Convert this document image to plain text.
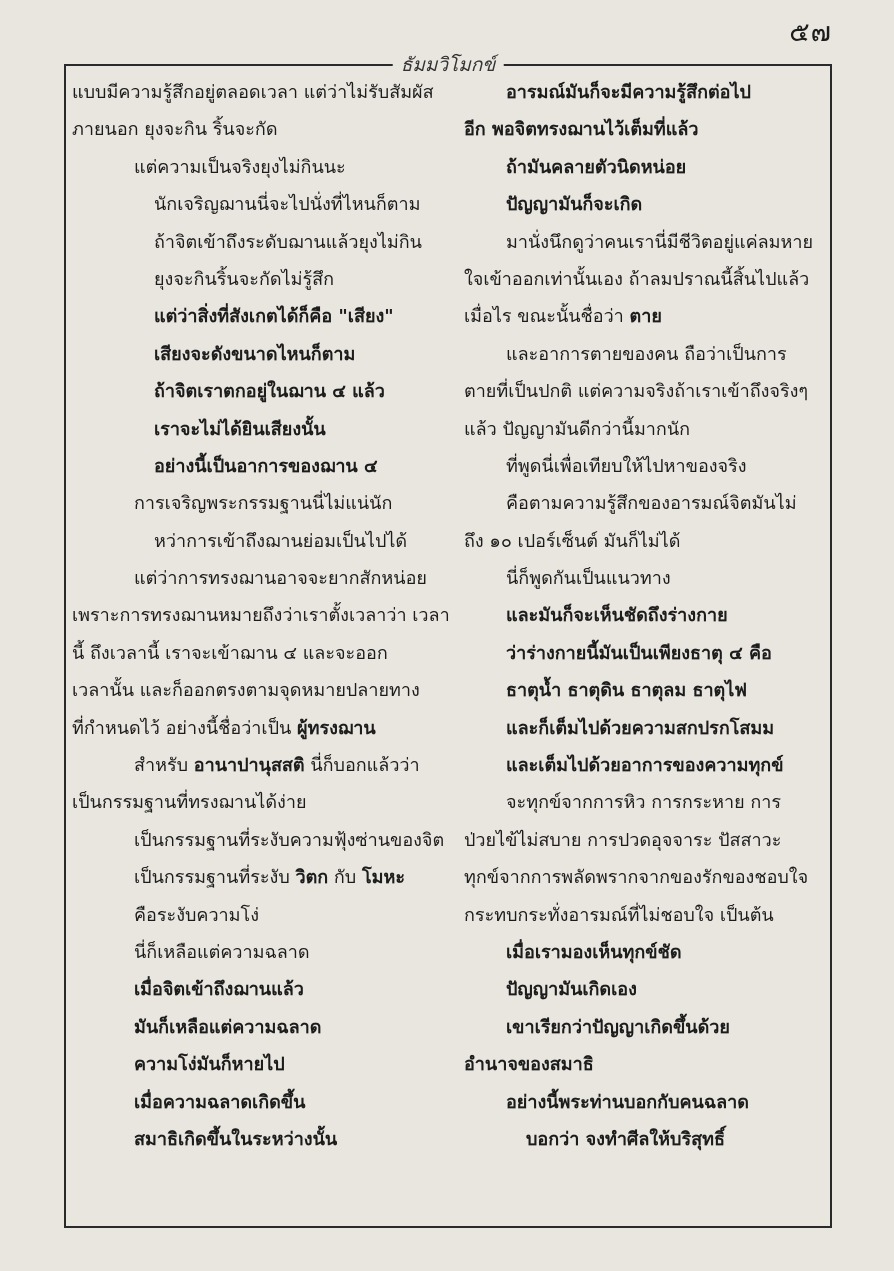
๕๗
ธัมมวิโมกข์
แบบมีความรู้สึกอยู่ตลอดเวลา แต่ว่าไม่รับสัมผัส
ภายนอก ยุงจะกิน ริ้นจะกัด
แต่ความเป็นจริงยุงไม่กินนะ
นักเจริญฌานนี่จะไปนั่งที่ไหนก็ตาม
ถ้าจิตเข้าถึงระดับฌานแล้วยุงไม่กิน
ยุงจะกินริ้นจะกัดไม่รู้สึก
แต่ว่าสิ่งที่สังเกตได้ก็คือ "เสียง"
เสียงจะดังขนาดไหนก็ตาม
ถ้าจิตเราตกอยู่ในฌาน ๔ แล้ว
เราจะไม่ได้ยินเสียงนั้น
อย่างนี้เป็นอาการของฌาน ๔
การเจริญพระกรรมฐานนี่ไม่แน่นัก
หว่าการเข้าถึงฌานย่อมเป็นไปได้
แต่ว่าการทรงฌานอาจจะยากสักหน่อย
เพราะการทรงฌานหมายถึงว่าเราตั้งเวลาว่า เวลา
นี้ ถึงเวลานี้ เราจะเข้าฌาน ๔ และจะออก
เวลานั้น และก็ออกตรงตามจุดหมายปลายทาง
ที่กำหนดไว้ อย่างนี้ชื่อว่าเป็น ผู้ทรงฌาน
สำหรับ อานาปานุสสติ นี่ก็บอกแล้วว่า
เป็นกรรมฐานที่ทรงฌานได้ง่าย
เป็นกรรมฐานที่ระงับความฟุ้งซ่านของจิต
เป็นกรรมฐานที่ระงับ วิตก กับ โมหะ
คือระงับความโง่
นี่ก็เหลือแต่ความฉลาด
เมื่อจิตเข้าถึงฌานแล้ว
มันก็เหลือแต่ความฉลาด
ความโง่มันก็หายไป
เมื่อความฉลาดเกิดขึ้น
สมาธิเกิดขึ้นในระหว่างนั้น
อารมณ์มันก็จะมีความรู้สึกต่อไป
อีก พอจิตทรงฌานไว้เต็มที่แล้ว
ถ้ามันคลายตัวนิดหน่อย
ปัญญามันก็จะเกิด
มานั่งนึกดูว่าคนเรานี่มีชีวิตอยู่แค่ลมหาย
ใจเข้าออกเท่านั้นเอง ถ้าลมปราณนี้สิ้นไปแล้ว
เมื่อไร ขณะนั้นชื่อว่า ตาย
และอาการตายของคน ถือว่าเป็นการ
ตายที่เป็นปกติ แต่ความจริงถ้าเราเข้าถึงจริงๆ
แล้ว ปัญญามันดีกว่านี้มากนัก
ที่พูดนี่เพื่อเทียบให้ไปหาของจริง
คือตามความรู้สึกของอารมณ์จิตมันไม่
ถึง ๑๐ เปอร์เซ็นต์ มันก็ไม่ได้
นี่ก็พูดกันเป็นแนวทาง
และมันก็จะเห็นชัดถึงร่างกาย
ว่าร่างกายนี้มันเป็นเพียงธาตุ ๔ คือ
ธาตุน้ำ ธาตุดิน ธาตุลม ธาตุไฟ
และก็เต็มไปด้วยความสกปรกโสมม
และเต็มไปด้วยอาการของความทุกข์
จะทุกข์จากการหิว การกระหาย การ
ป่วยไข้ไม่สบาย การปวดอุจจาระ ปัสสาวะ
ทุกข์จากการพลัดพรากจากของรักของชอบใจ
กระทบกระทั่งอารมณ์ที่ไม่ชอบใจ เป็นต้น
เมื่อเรามองเห็นทุกข์ชัด
ปัญญามันเกิดเอง
เขาเรียกว่าปัญญาเกิดขึ้นด้วย
อำนาจของสมาธิ
อย่างนี้พระท่านบอกกับคนฉลาด
บอกว่า จงทำศีลให้บริสุทธิ์
